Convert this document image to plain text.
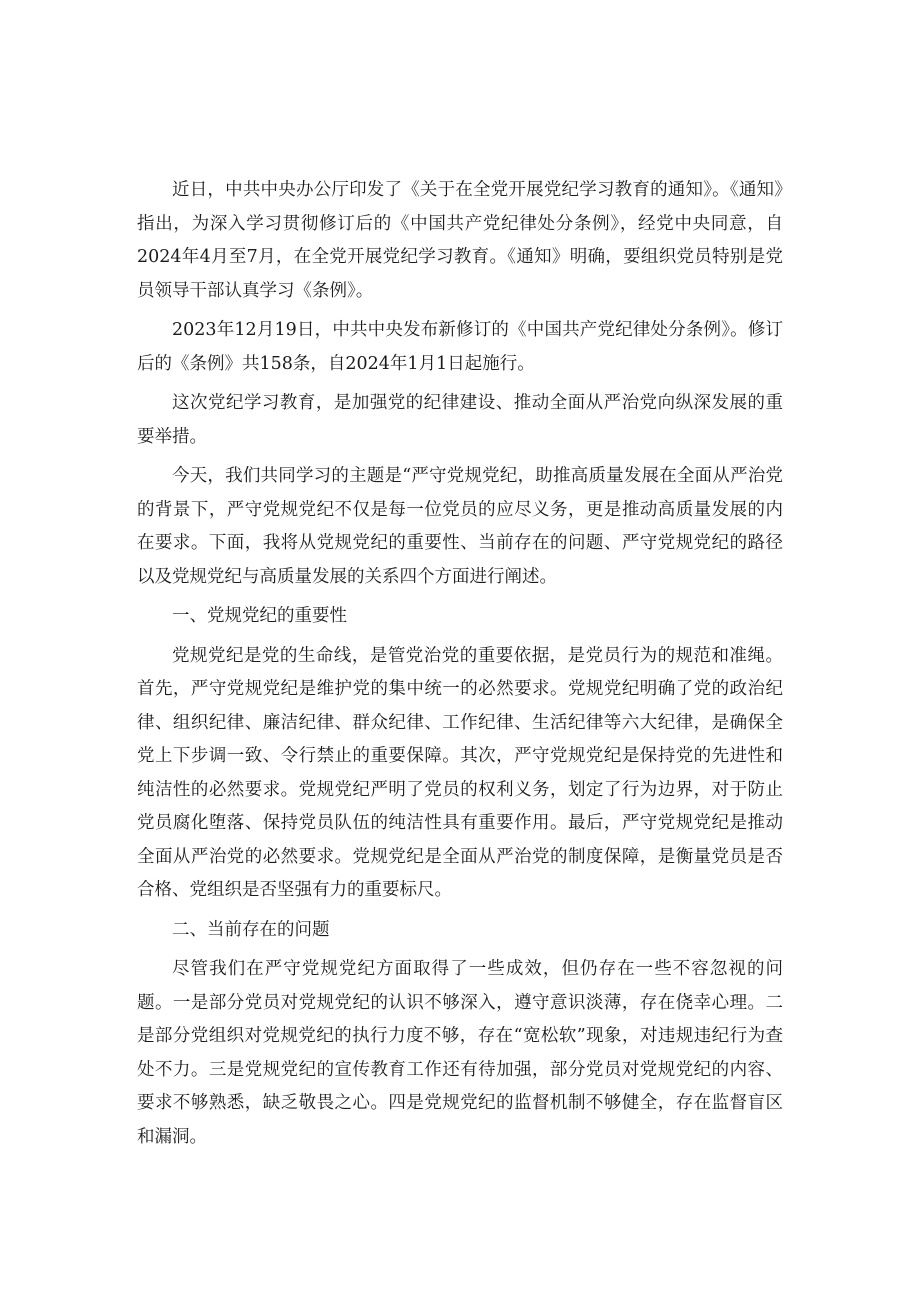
近日，中共中央办公厅印发了《关于在全党开展党纪学习教育的通知》。《通知》指出，为深入学习贯彻修订后的《中国共产党纪律处分条例》，经党中央同意，自2024年4月至7月，在全党开展党纪学习教育。《通知》明确，要组织党员特别是党员领导干部认真学习《条例》。

2023年12月19日，中共中央发布新修订的《中国共产党纪律处分条例》。修订后的《条例》共158条，自2024年1月1日起施行。

这次党纪学习教育，是加强党的纪律建设、推动全面从严治党向纵深发展的重要举措。

今天，我们共同学习的主题是“严守党规党纪，助推高质量发展在全面从严治党的背景下，严守党规党纪不仅是每一位党员的应尽义务，更是推动高质量发展的内在要求。下面，我将从党规党纪的重要性、当前存在的问题、严守党规党纪的路径以及党规党纪与高质量发展的关系四个方面进行阐述。

一、党规党纪的重要性

党规党纪是党的生命线，是管党治党的重要依据，是党员行为的规范和准绳。首先，严守党规党纪是维护党的集中统一的必然要求。党规党纪明确了党的政治纪律、组织纪律、廉洁纪律、群众纪律、工作纪律、生活纪律等六大纪律，是确保全党上下步调一致、令行禁止的重要保障。其次，严守党规党纪是保持党的先进性和纯洁性的必然要求。党规党纪严明了党员的权利义务，划定了行为边界，对于防止党员腐化堕落、保持党员队伍的纯洁性具有重要作用。最后，严守党规党纪是推动全面从严治党的必然要求。党规党纪是全面从严治党的制度保障，是衡量党员是否合格、党组织是否坚强有力的重要标尺。

二、当前存在的问题

尽管我们在严守党规党纪方面取得了一些成效，但仍存在一些不容忽视的问题。一是部分党员对党规党纪的认识不够深入，遵守意识淡薄，存在侥幸心理。二是部分党组织对党规党纪的执行力度不够，存在“宽松软”现象，对违规违纪行为查处不力。三是党规党纪的宣传教育工作还有待加强，部分党员对党规党纪的内容、要求不够熟悉，缺乏敬畏之心。四是党规党纪的监督机制不够健全，存在监督盲区和漏洞。
